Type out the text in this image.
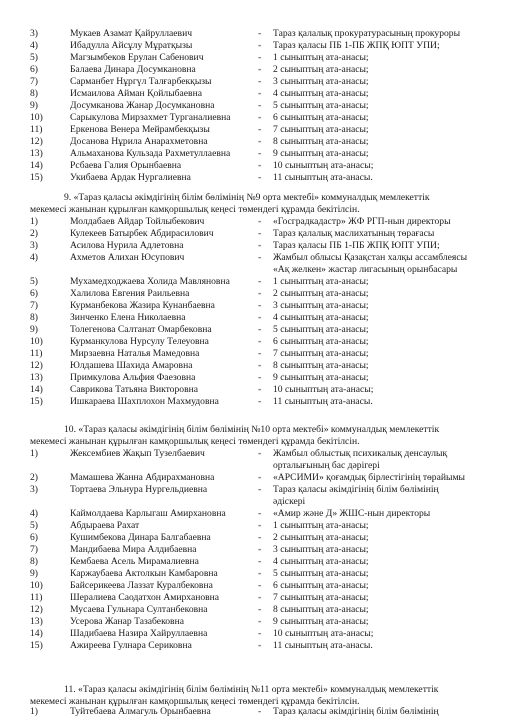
3)	Мукаев Азамат Қайруллаевич	- Тараз қалалық прокуратурасының прокуроры
4)	Ибадулла Айсұлу Мұратқызы	- Тараз қаласы ПБ 1-ПБ ЖПҚ ЮПТ УПИ;
5)	Магзымбеков Ерулан Сабенович	- 1 сыныптың ата-анасы;
6)	Балаева Динара Досумкановна	- 2 сыныптың ата-анасы;
7)	Сарманбет Нұргүл Талғарбекқызы	- 3 сыныптың ата-анасы;
8)	Исмаилова Айман Қойлыбаевна	- 4 сыныптың ата-анасы;
9)	Досумканова Жанар Досумкановна	- 5 сыныптың ата-анасы;
10)	Сарыкулова Мирзахмет Турганалиевна	- 6 сыныптың ата-анасы;
11)	Еркенова Венера Мейрамбекқызы	- 7 сыныптың ата-анасы;
12)	Досанова Нұрила Анарахметовна	- 8 сыныптың ата-анасы;
13)	Альмаханова Кульзада Рахметуллаевна	- 9 сыныптың ата-анасы;
14)	Рсбаева Галия Орынбаевна	- 10 сыныптың ата-анасы;
15)	Укибаева Ардак Нургалиевна	- 11 сыныптың ата-анасы.
9. «Тараз қаласы әкімдігінің білім бөлімінің №9 орта мектебі» коммуналдық мемлекеттік
мекемесі жанынан құрылған камқоршылық кеңесі төмендегі құрамда бекітілсін.
1)	Молдабаев Айдар Тойлыбекович	- «Госградкадастр» ЖФ РГП-нын директоры
2)	Кулекеев Батырбек Абдирасилович	- Тараз қалалық маслихатының төрағасы
3)	Асилова Нурила Адлетовна	- Тараз қаласы ПБ 1-ПБ ЖПҚ ЮПТ УПИ;
4)	Ахметов Алихан Юсупович	- Жамбыл облысы Қазақстан халқы ассамблеясы
«Ақ желкен» жастар лигасының орынбасары
5)	Мухамедходжаева Холида Мавляновна	- 1 сыныптың ата-анасы;
6)	Халилова Евгения Раильевна	- 2 сыныптың ата-анасы;
7)	Курманбекова Жазира Кунанбаевна	- 3 сыныптың ата-анасы;
8)	Зинченко Елена Николаевна	- 4 сыныптың ата-анасы;
9)	Толегенова Салтанат Омарбековна	- 5 сыныптың ата-анасы;
10)	Курманкулова Нурсулу Телеуовна	- 6 сыныптың ата-анасы;
11)	Мирзаевна Наталья Мамедовна	- 7 сыныптың ата-анасы;
12)	Юлдашева Шахида Амаровна	- 8 сыныптың ата-анасы;
13)	Примкулова Альфия Фаезовна	- 9 сыныптың ата-анасы;
14)	Саврикова Татьяна Викторовна	- 10 сыныптың ата-анасы;
15)	Ишкараева Шахплохон Махмудовна	- 11 сыныптың ата-анасы.
10. «Тараз қаласы әкімдігінің білім бөлімінің №10 орта мектебі» коммуналдық мемлекеттік
мекемесі жанынан құрылған камқоршылық кеңесі төмендегі құрамда бекітілсін.
1)	Жексембиев Жақып Тузелбаевич	- Жамбыл облыстық психикалық денсаулық
орталығының бас дәрігері
2)	Мамашева Жанна Абдирахмановна	- «АРСИМИ» қоғамдық бірлестігінің төрайымы
3)	Тортаева Эльнура Нургельдиевна	- Тараз қаласы әкімдігінің білім бөлімінің
әдіскері
4)	Каймолдаева Карлыгаш Амирхановна	- «Амир және Д» ЖШС-нын директоры
5)	Абдыраева Рахат	- 1 сыныптың ата-анасы;
6)	Кушимбекова Динара Балгабаевна	- 2 сыныптың ата-анасы;
7)	Мандибаева Мира Алдибаевна	- 3 сыныптың ата-анасы;
8)	Кембаева Асель Мирамалиевна	- 4 сыныптың ата-анасы;
9)	Каржаубаева Актолкын Камбаровна	- 5 сыныптың ата-анасы;
10)	Байсерикеева Лаззат Куралбековна	- 6 сыныптың ата-анасы;
11)	Шералиева Саодатхон Амирхановна	- 7 сыныптың ата-анасы;
12)	Мусаева Гульнара Султанбековна	- 8 сыныптың ата-анасы;
13)	Усерова Жанар Тазабековна	- 9 сыныптың ата-анасы;
14)	Шадибаева Назира Хайруллаевна	- 10 сыныптың ата-анасы;
15)	Ажиреева Гулнара Сериковна	- 11 сыныптың ата-анасы.
11. «Тараз қаласы әкімдігінің білім бөлімінің №11 орта мектебі» коммуналдық мемлекеттік
мекемесі жанынан құрылған камқоршылық кеңесі төмендегі құрамда бекітілсін.
1)	Туйтебаева Алмагуль Орынбаевна	- Тараз қаласы әкімдігінің білім бөлімінің
